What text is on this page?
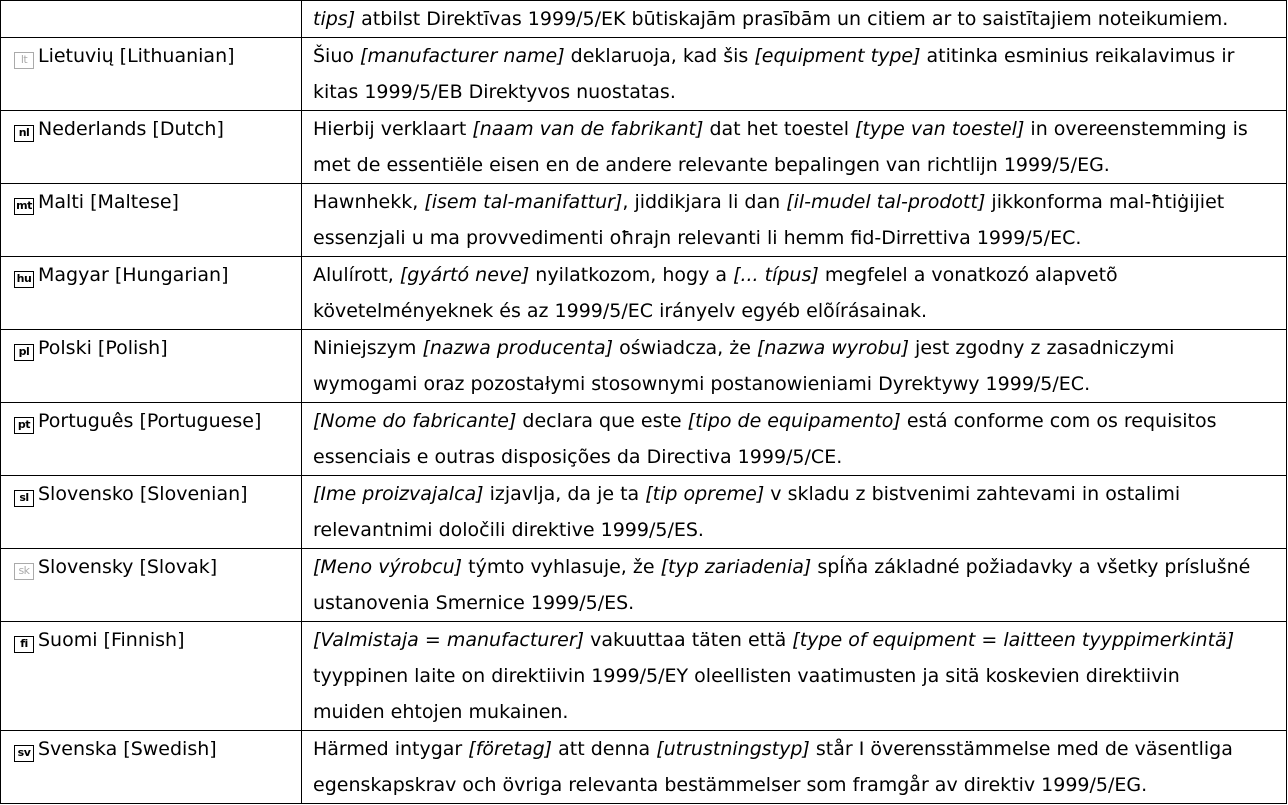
	tips] atbilst Direktīvas 1999/5/EK būtiskajām prasībām un citiem ar to saistītajiem noteikumiem.

lt Lietuvių [Lithuanian]	Šiuo [manufacturer name] deklaruoja, kad šis [equipment type] atitinka esminius reikalavimus ir
kitas 1999/5/EB Direktyvos nuostatas.

nl Nederlands [Dutch]	Hierbij verklaart [naam van de fabrikant] dat het toestel [type van toestel] in overeenstemming is
met de essentiële eisen en de andere relevante bepalingen van richtlijn 1999/5/EG.

mt Malti [Maltese]	Hawnhekk, [isem tal-manifattur], jiddikjara li dan [il-mudel tal-prodott] jikkonforma mal-ħtiġijiet
essenzjali u ma provvedimenti oħrajn relevanti li hemm fid-Dirrettiva 1999/5/EC.

hu Magyar [Hungarian]	Alulírott, [gyártó neve] nyilatkozom, hogy a [... típus] megfelel a vonatkozó alapvetõ
követelményeknek és az 1999/5/EC irányelv egyéb elõírásainak.

pl Polski [Polish]	Niniejszym [nazwa producenta] oświadcza, że [nazwa wyrobu] jest zgodny z zasadniczymi
wymogami oraz pozostałymi stosownymi postanowieniami Dyrektywy 1999/5/EC.

pt Português [Portuguese]	[Nome do fabricante] declara que este [tipo de equipamento] está conforme com os requisitos
essenciais e outras disposições da Directiva 1999/5/CE.

sl Slovensko [Slovenian]	[Ime proizvajalca] izjavlja, da je ta [tip opreme] v skladu z bistvenimi zahtevami in ostalimi
relevantnimi določili direktive 1999/5/ES.

sk Slovensky [Slovak]	[Meno výrobcu] týmto vyhlasuje, že [typ zariadenia] spĺňa základné požiadavky a všetky príslušné
ustanovenia Smernice 1999/5/ES.

fi Suomi [Finnish]	[Valmistaja = manufacturer] vakuuttaa täten että [type of equipment = laitteen tyyppimerkintä]
tyyppinen laite on direktiivin 1999/5/EY oleellisten vaatimusten ja sitä koskevien direktiivin
muiden ehtojen mukainen.

sv Svenska [Swedish]	Härmed intygar [företag] att denna [utrustningstyp] står I överensstämmelse med de väsentliga
egenskapskrav och övriga relevanta bestämmelser som framgår av direktiv 1999/5/EG.
